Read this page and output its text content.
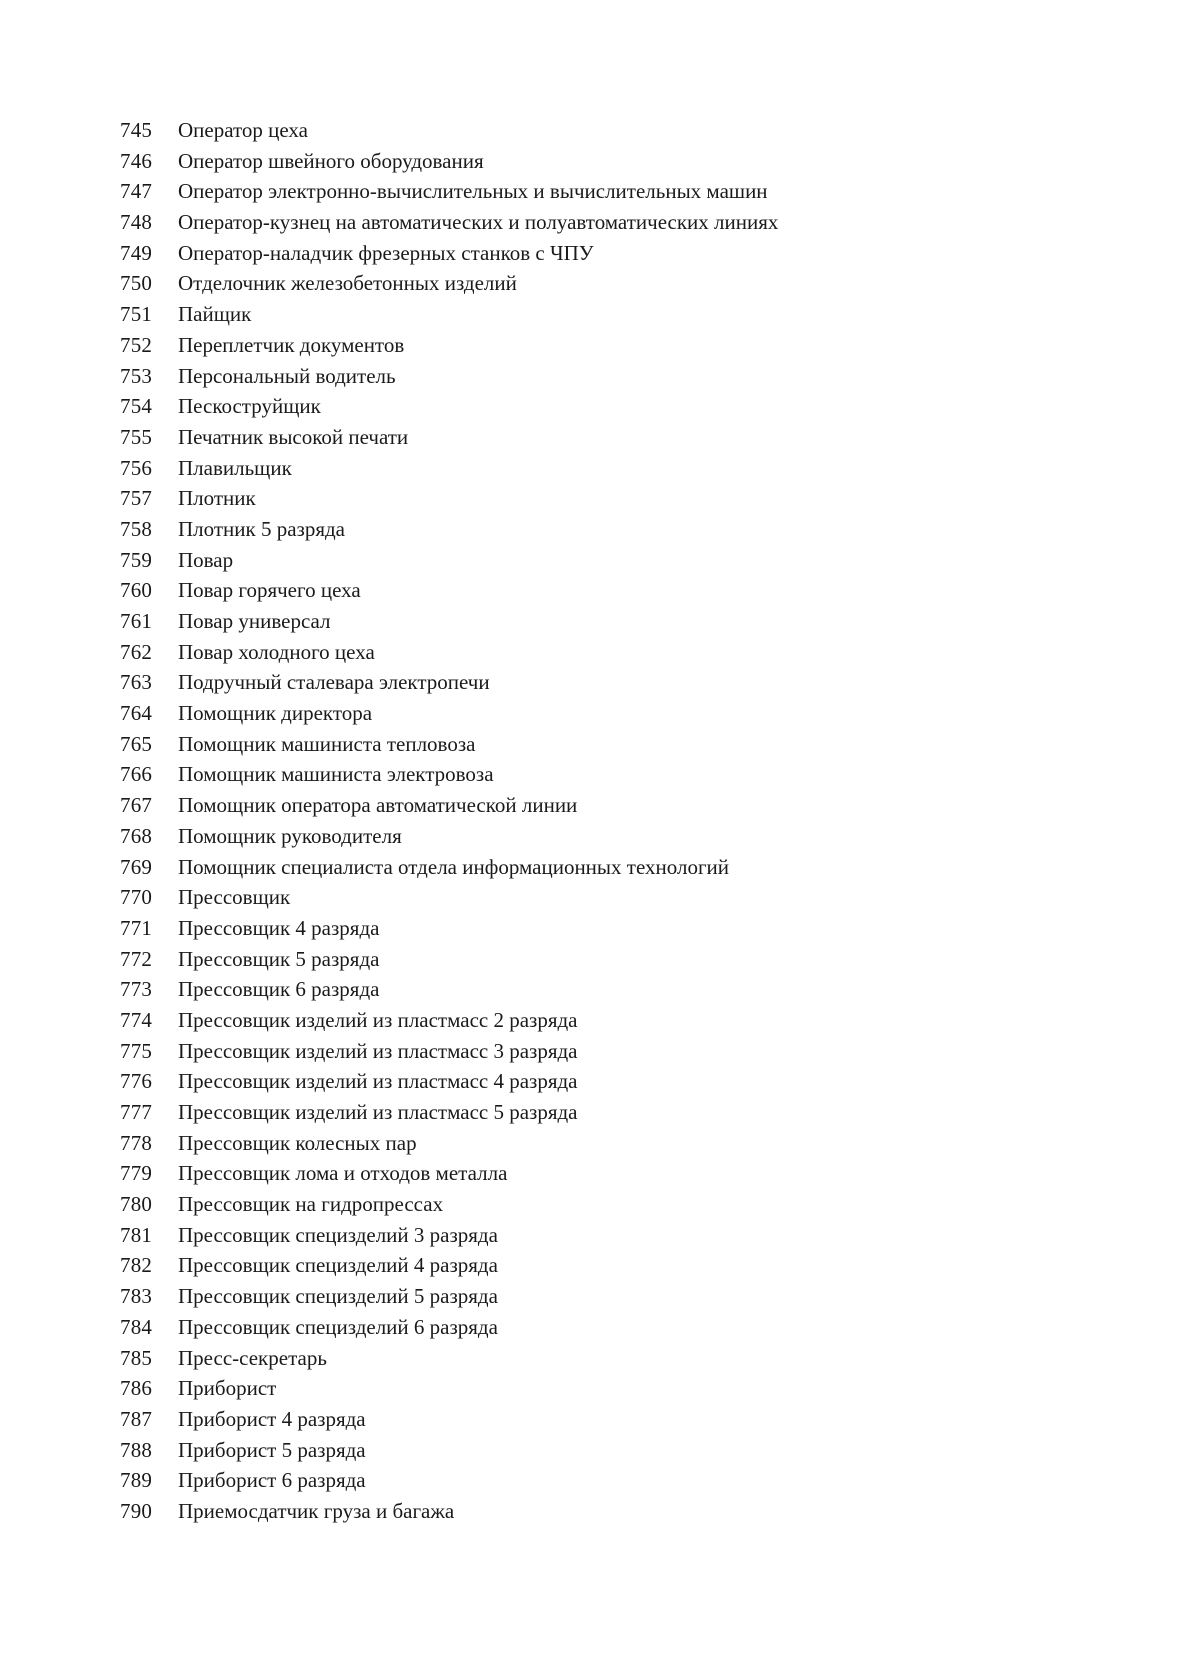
745	Оператор цеха
746	Оператор швейного оборудования
747	Оператор электронно-вычислительных и вычислительных машин
748	Оператор-кузнец на автоматических и полуавтоматических линиях
749	Оператор-наладчик фрезерных станков с ЧПУ
750	Отделочник железобетонных изделий
751	Пайщик
752	Переплетчик документов
753	Персональный водитель
754	Пескоструйщик
755	Печатник высокой печати
756	Плавильщик
757	Плотник
758	Плотник 5 разряда
759	Повар
760	Повар горячего цеха
761	Повар универсал
762	Повар холодного цеха
763	Подручный сталевара электропечи
764	Помощник директора
765	Помощник машиниста тепловоза
766	Помощник машиниста электровоза
767	Помощник оператора автоматической линии
768	Помощник руководителя
769	Помощник специалиста отдела информационных технологий
770	Прессовщик
771	Прессовщик 4 разряда
772	Прессовщик 5 разряда
773	Прессовщик 6 разряда
774	Прессовщик изделий из пластмасс 2 разряда
775	Прессовщик изделий из пластмасс 3 разряда
776	Прессовщик изделий из пластмасс 4 разряда
777	Прессовщик изделий из пластмасс 5 разряда
778	Прессовщик колесных пар
779	Прессовщик лома и отходов металла
780	Прессовщик на гидропрессах
781	Прессовщик специзделий 3 разряда
782	Прессовщик специзделий 4 разряда
783	Прессовщик специзделий 5 разряда
784	Прессовщик специзделий 6 разряда
785	Пресс-секретарь
786	Приборист
787	Приборист 4 разряда
788	Приборист 5 разряда
789	Приборист 6 разряда
790	Приемосдатчик груза и багажа
